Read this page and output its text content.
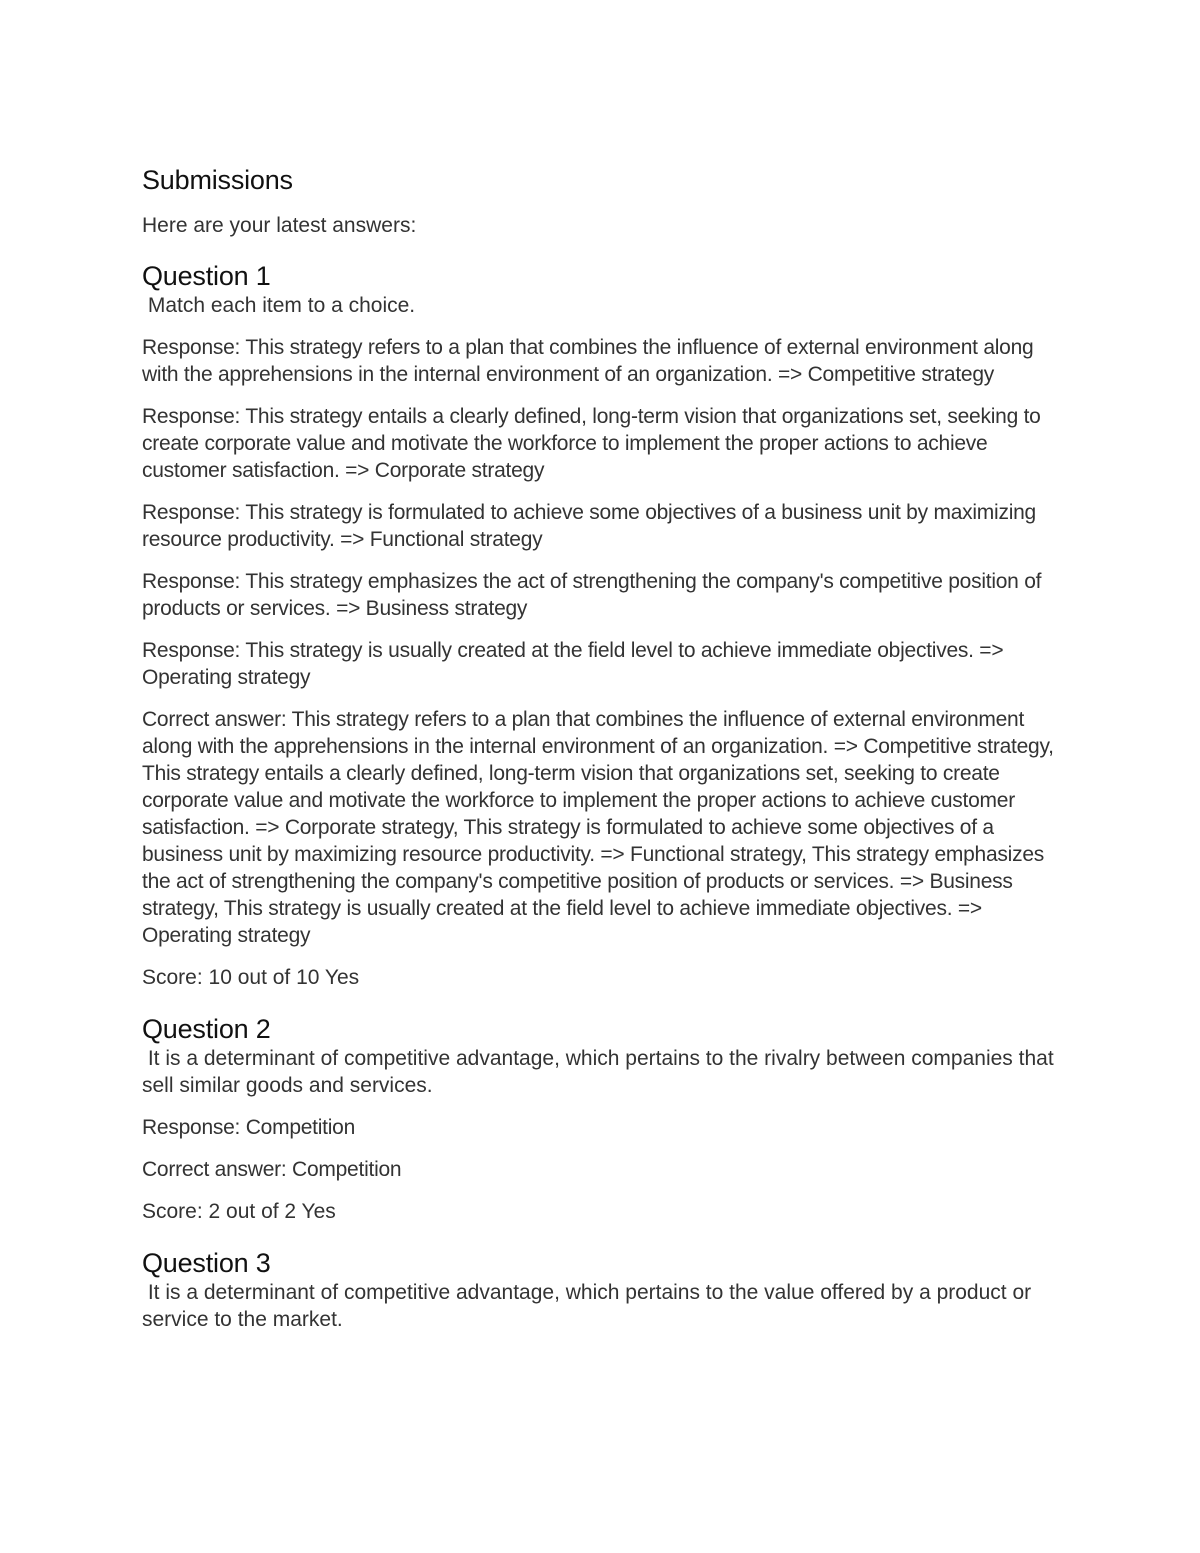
Submissions

Here are your latest answers:

Question 1

Match each item to a choice.

Response: This strategy refers to a plan that combines the influence of external environment along with the apprehensions in the internal environment of an organization. => Competitive strategy

Response: This strategy entails a clearly defined, long-term vision that organizations set, seeking to create corporate value and motivate the workforce to implement the proper actions to achieve customer satisfaction. => Corporate strategy

Response: This strategy is formulated to achieve some objectives of a business unit by maximizing resource productivity. => Functional strategy

Response: This strategy emphasizes the act of strengthening the company's competitive position of products or services. => Business strategy

Response: This strategy is usually created at the field level to achieve immediate objectives. => Operating strategy

Correct answer: This strategy refers to a plan that combines the influence of external environment along with the apprehensions in the internal environment of an organization. => Competitive strategy, This strategy entails a clearly defined, long-term vision that organizations set, seeking to create corporate value and motivate the workforce to implement the proper actions to achieve customer satisfaction. => Corporate strategy, This strategy is formulated to achieve some objectives of a business unit by maximizing resource productivity. => Functional strategy, This strategy emphasizes the act of strengthening the company's competitive position of products or services. => Business strategy, This strategy is usually created at the field level to achieve immediate objectives. => Operating strategy

Score: 10 out of 10 Yes

Question 2

It is a determinant of competitive advantage, which pertains to the rivalry between companies that sell similar goods and services.

Response: Competition

Correct answer: Competition

Score: 2 out of 2 Yes

Question 3

It is a determinant of competitive advantage, which pertains to the value offered by a product or service to the market.
